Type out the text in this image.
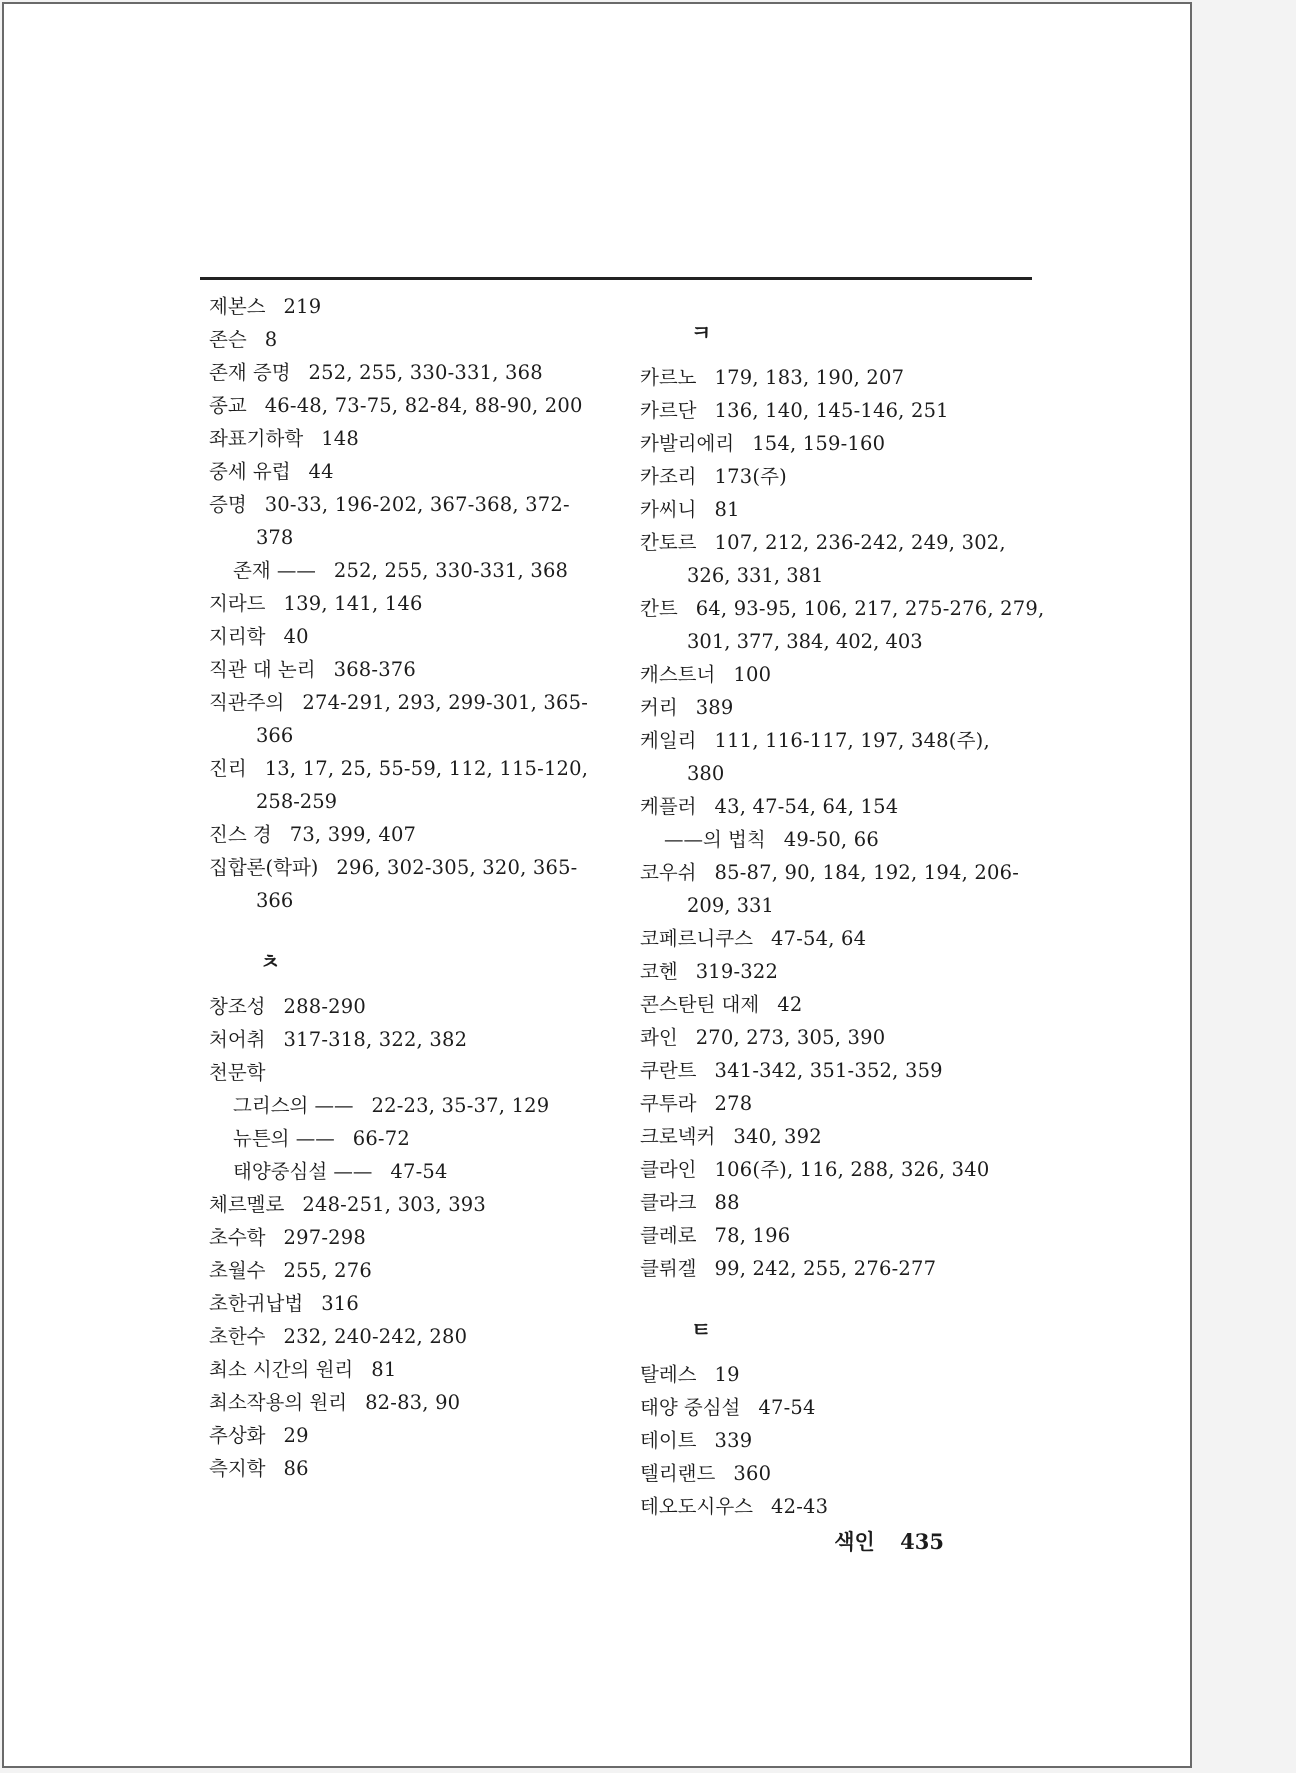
제본스 219
존슨 8
존재 증명 252, 255, 330-331, 368
종교 46-48, 73-75, 82-84, 88-90, 200
좌표기하학 148
중세 유럽 44
증명 30-33, 196-202, 367-368, 372-
378
존재 —— 252, 255, 330-331, 368
지라드 139, 141, 146
지리학 40
직관 대 논리 368-376
직관주의 274-291, 293, 299-301, 365-
366
진리 13, 17, 25, 55-59, 112, 115-120,
258-259
진스 경 73, 399, 407
집합론(학파) 296, 302-305, 320, 365-
366
ㅊ
창조성 288-290
처어취 317-318, 322, 382
천문학
그리스의 —— 22-23, 35-37, 129
뉴튼의 —— 66-72
태양중심설 —— 47-54
체르멜로 248-251, 303, 393
초수학 297-298
초월수 255, 276
초한귀납법 316
초한수 232, 240-242, 280
최소 시간의 원리 81
최소작용의 원리 82-83, 90
추상화 29
측지학 86
ㅋ
카르노 179, 183, 190, 207
카르단 136, 140, 145-146, 251
카발리에리 154, 159-160
카조리 173(주)
카씨니 81
칸토르 107, 212, 236-242, 249, 302,
326, 331, 381
칸트 64, 93-95, 106, 217, 275-276, 279,
301, 377, 384, 402, 403
캐스트너 100
커리 389
케일리 111, 116-117, 197, 348(주),
380
케플러 43, 47-54, 64, 154
——의 법칙 49-50, 66
코우쉬 85-87, 90, 184, 192, 194, 206-
209, 331
코페르니쿠스 47-54, 64
코헨 319-322
콘스탄틴 대제 42
콰인 270, 273, 305, 390
쿠란트 341-342, 351-352, 359
쿠투라 278
크로넥커 340, 392
클라인 106(주), 116, 288, 326, 340
클라크 88
클레로 78, 196
클뤼겔 99, 242, 255, 276-277
ㅌ
탈레스 19
태양 중심설 47-54
테이트 339
텔리랜드 360
테오도시우스 42-43
색인 435
